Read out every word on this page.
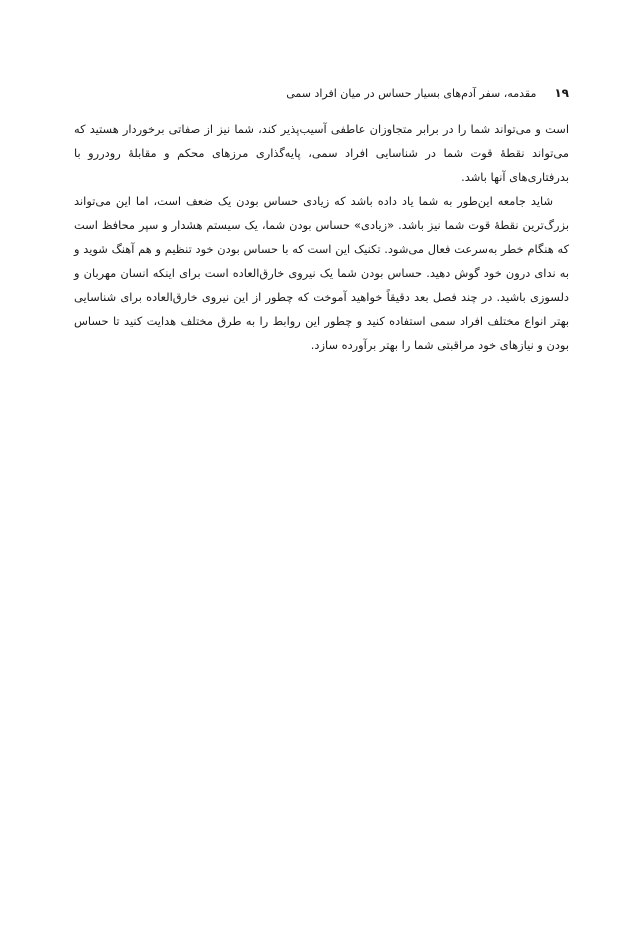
۱۹
مقدمه، سفر آدم‌های بسیار حساس در میان افراد سمی

است و می‌تواند شما را در برابر متجاوزان عاطفی آسیب‌پذیر کند، شما نیز از صفاتی برخوردار هستید که می‌تواند نقطهٔ قوت شما در شناسایی افراد سمی، پایه‌گذاری مرزهای محکم و مقابلهٔ رودررو با بدرفتاری‌های آنها باشد.

شاید جامعه این‌طور به شما یاد داده باشد که زیادی حساس بودن یک ضعف است، اما این می‌تواند بزرگ‌ترین نقطهٔ قوت شما نیز باشد. «زیادی» حساس بودن شما، یک سیستم هشدار و سپر محافظ است که هنگام خطر به‌سرعت فعال می‌شود. تکنیک این است که با حساس بودن خود تنظیم و هم آهنگ شوید و به ندای درون خود گوش دهید. حساس بودن شما یک نیروی خارق‌العاده است برای اینکه انسان مهربان و دلسوزی باشید. در چند فصل بعد دقیقاً خواهید آموخت که چطور از این نیروی خارق‌العاده برای شناسایی بهتر انواع مختلف افراد سمی استفاده کنید و چطور این روابط را به طرق مختلف هدایت کنید تا حساس بودن و نیازهای خود مراقبتی شما را بهتر برآورده سازد.
